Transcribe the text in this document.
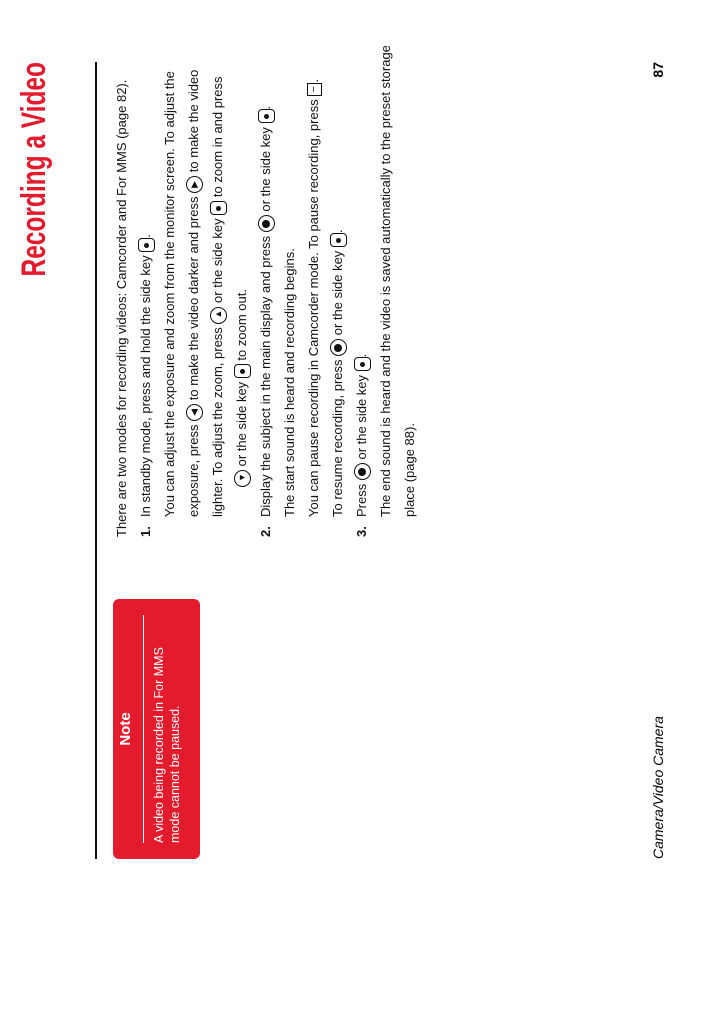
Recording a Video
Note A video being recorded in For MMS mode cannot be paused.

There are two modes for recording videos: Camcorder and For MMS (page 82). 1.In standby mode, press and hold the side key
. You can adjust the exposure and zoom from the monitor screen. To adjust the exposure, press
◀
to make the video darker and press
▶
to make the video

lighter. To adjust the zoom, press
▲
or the side key
to zoom in and press

▼
or the side key
to zoom out.

2.Display the subject in the main display and press
or the side key
.

The start sound is heard and recording begins. You can pause recording in Camcorder mode. To pause recording, press −.

To resume recording, press
or the side key
.

3.Press
or the side key
. The end sound is heard and the video is saved automatically to the preset storage place (page 88).

Camera/Video Camera
87
